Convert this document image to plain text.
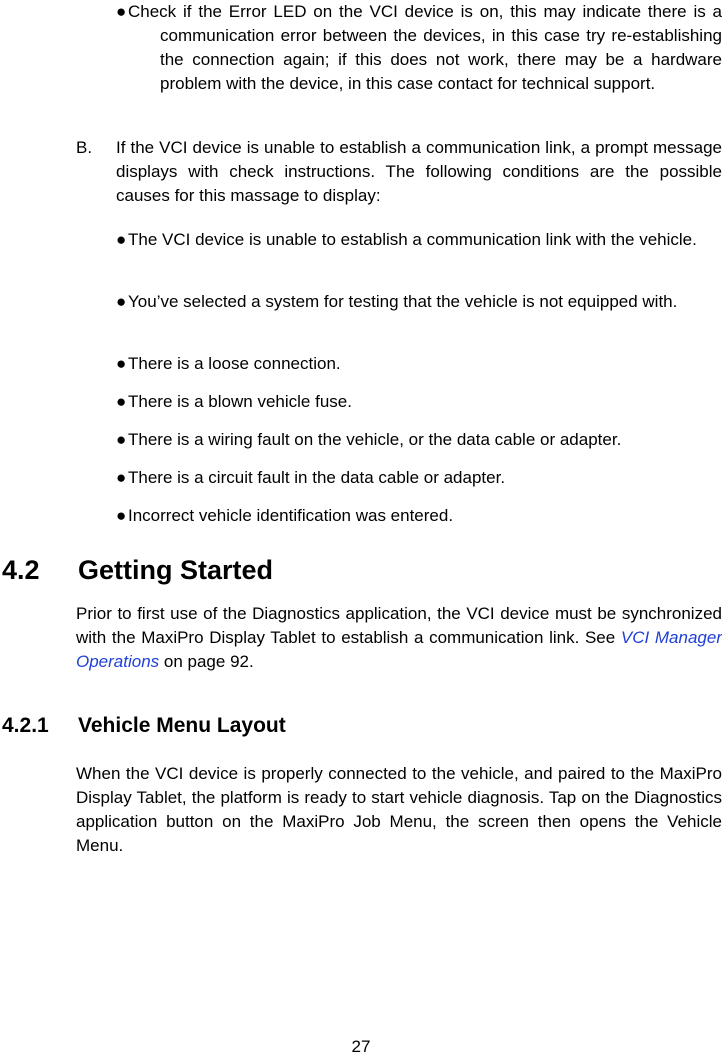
● Check if the Error LED on the VCI device is on, this may indicate there is a communication error between the devices, in this case try re-establishing the connection again; if this does not work, there may be a hardware problem with the device, in this case contact for technical support.

B. If the VCI device is unable to establish a communication link, a prompt message displays with check instructions. The following conditions are the possible causes for this massage to display:

● The VCI device is unable to establish a communication link with the vehicle.

● You’ve selected a system for testing that the vehicle is not equipped with.

● There is a loose connection.

● There is a blown vehicle fuse.

● There is a wiring fault on the vehicle, or the data cable or adapter.

● There is a circuit fault in the data cable or adapter.

● Incorrect vehicle identification was entered.

4.2 Getting Started

Prior to first use of the Diagnostics application, the VCI device must be synchronized with the MaxiPro Display Tablet to establish a communication link. See VCI Manager Operations on page 92.

4.2.1 Vehicle Menu Layout

When the VCI device is properly connected to the vehicle, and paired to the MaxiPro Display Tablet, the platform is ready to start vehicle diagnosis. Tap on the Diagnostics application button on the MaxiPro Job Menu, the screen then opens the Vehicle Menu.

27
